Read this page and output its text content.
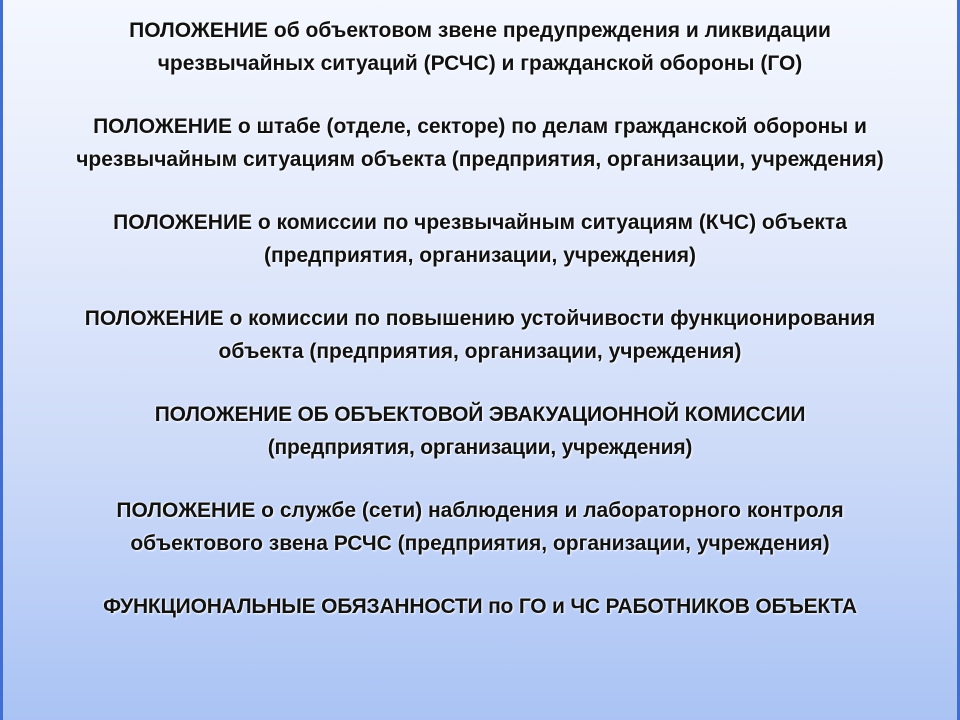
ПОЛОЖЕНИЕ об объектовом звене предупреждения и ликвидации
чрезвычайных ситуаций (РСЧС) и гражданской обороны (ГО)

ПОЛОЖЕНИЕ о штабе (отделе, секторе) по делам гражданской обороны и
чрезвычайным ситуациям объекта (предприятия, организации, учреждения)

ПОЛОЖЕНИЕ о комиссии по чрезвычайным ситуациям (КЧС) объекта
(предприятия, организации, учреждения)

ПОЛОЖЕНИЕ о комиссии по повышению устойчивости функционирования
объекта (предприятия, организации, учреждения)

ПОЛОЖЕНИЕ ОБ ОБЪЕКТОВОЙ ЭВАКУАЦИОННОЙ КОМИССИИ
(предприятия, организации, учреждения)

ПОЛОЖЕНИЕ о службе (сети) наблюдения и лабораторного контроля
объектового звена РСЧС (предприятия, организации, учреждения)

ФУНКЦИОНАЛЬНЫЕ ОБЯЗАННОСТИ по ГО и ЧС РАБОТНИКОВ ОБЪЕКТА
